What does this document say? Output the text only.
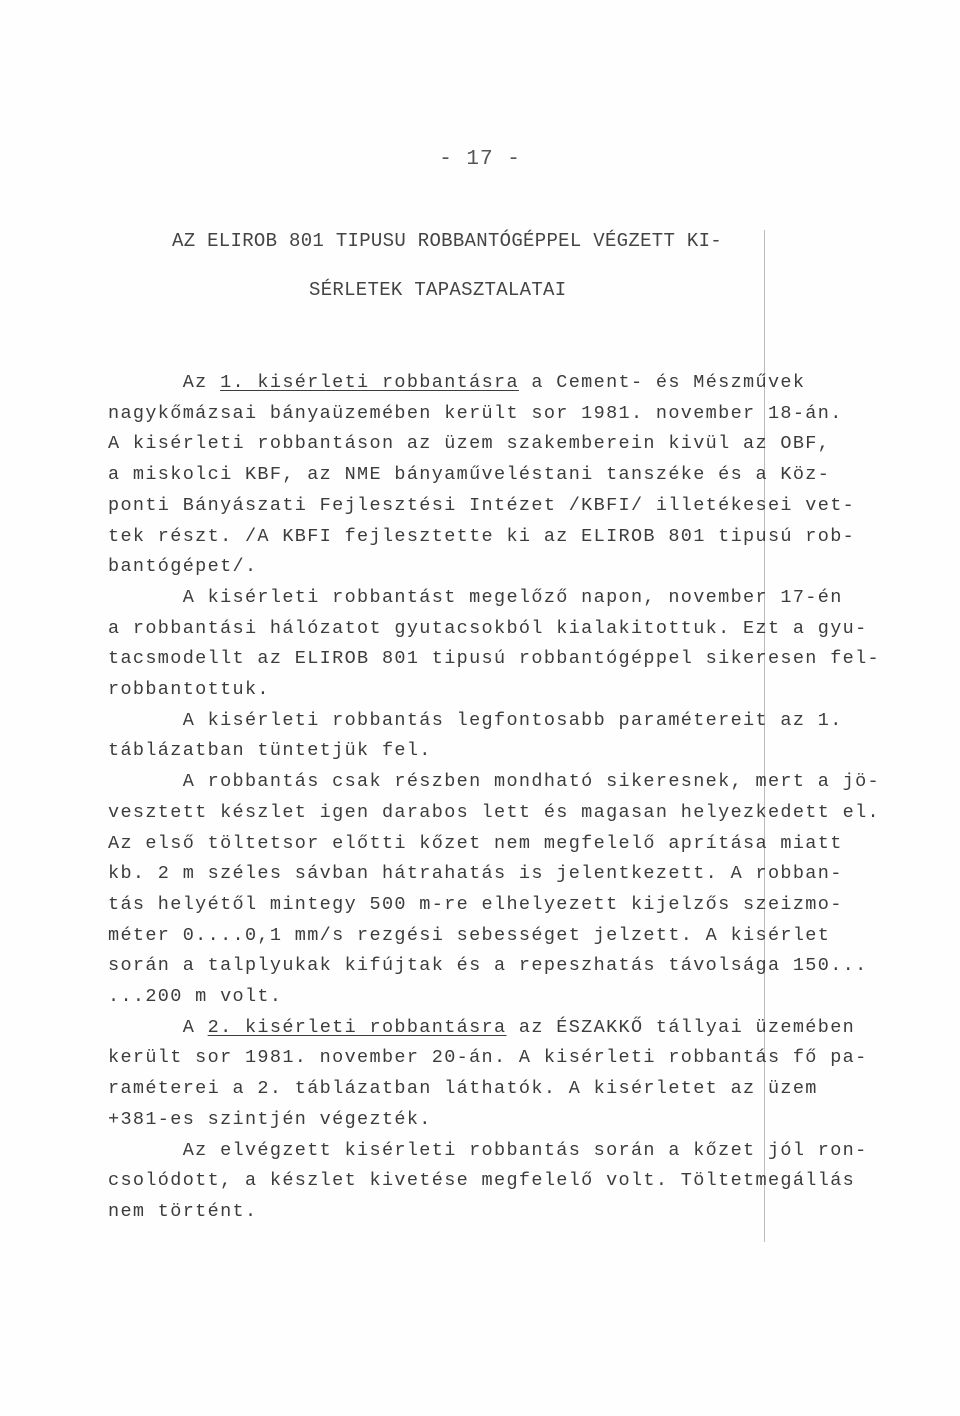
- 17 -
AZ ELIROB 801 TIPUSU ROBBANTÓGÉPPEL VÉGZETT KI-
SÉRLETEK TAPASZTALATAI
Az 1. kisérleti robbantásra a Cement- és Mészművek
nagykőmázsai bányaüzemében került sor 1981. november 18-án.
A kisérleti robbantáson az üzem szakemberein kivül az OBF,
a miskolci KBF, az NME bányaműveléstani tanszéke és a Köz-
ponti Bányászati Fejlesztési Intézet /KBFI/ illetékesei vet-
tek részt. /A KBFI fejlesztette ki az ELIROB 801 tipusú rob-
bantógépet/.
A kisérleti robbantást megelőző napon, november 17-én
a robbantási hálózatot gyutacsokból kialakitottuk. Ezt a gyu-
tacsmodellt az ELIROB 801 tipusú robbantógéppel sikeresen fel-
robbantottuk.
A kisérleti robbantás legfontosabb paramétereit az 1.
táblázatban tüntetjük fel.
A robbantás csak részben mondható sikeresnek, mert a jö-
vesztett készlet igen darabos lett és magasan helyezkedett el.
Az első töltetsor előtti kőzet nem megfelelő aprítása miatt
kb. 2 m széles sávban hátrahatás is jelentkezett. A robban-
tás helyétől mintegy 500 m-re elhelyezett kijelzős szeizmo-
méter 0....0,1 mm/s rezgési sebességet jelzett. A kisérlet
során a talplyukak kifújtak és a repeszhatás távolsága 150...
...200 m volt.
A 2. kisérleti robbantásra az ÉSZAKKŐ tállyai üzemében
került sor 1981. november 20-án. A kisérleti robbantás fő pa-
raméterei a 2. táblázatban láthatók. A kisérletet az üzem
+381-es szintjén végezték.
Az elvégzett kisérleti robbantás során a kőzet jól ron-
csolódott, a készlet kivetése megfelelő volt. Töltetmegállás
nem történt.
